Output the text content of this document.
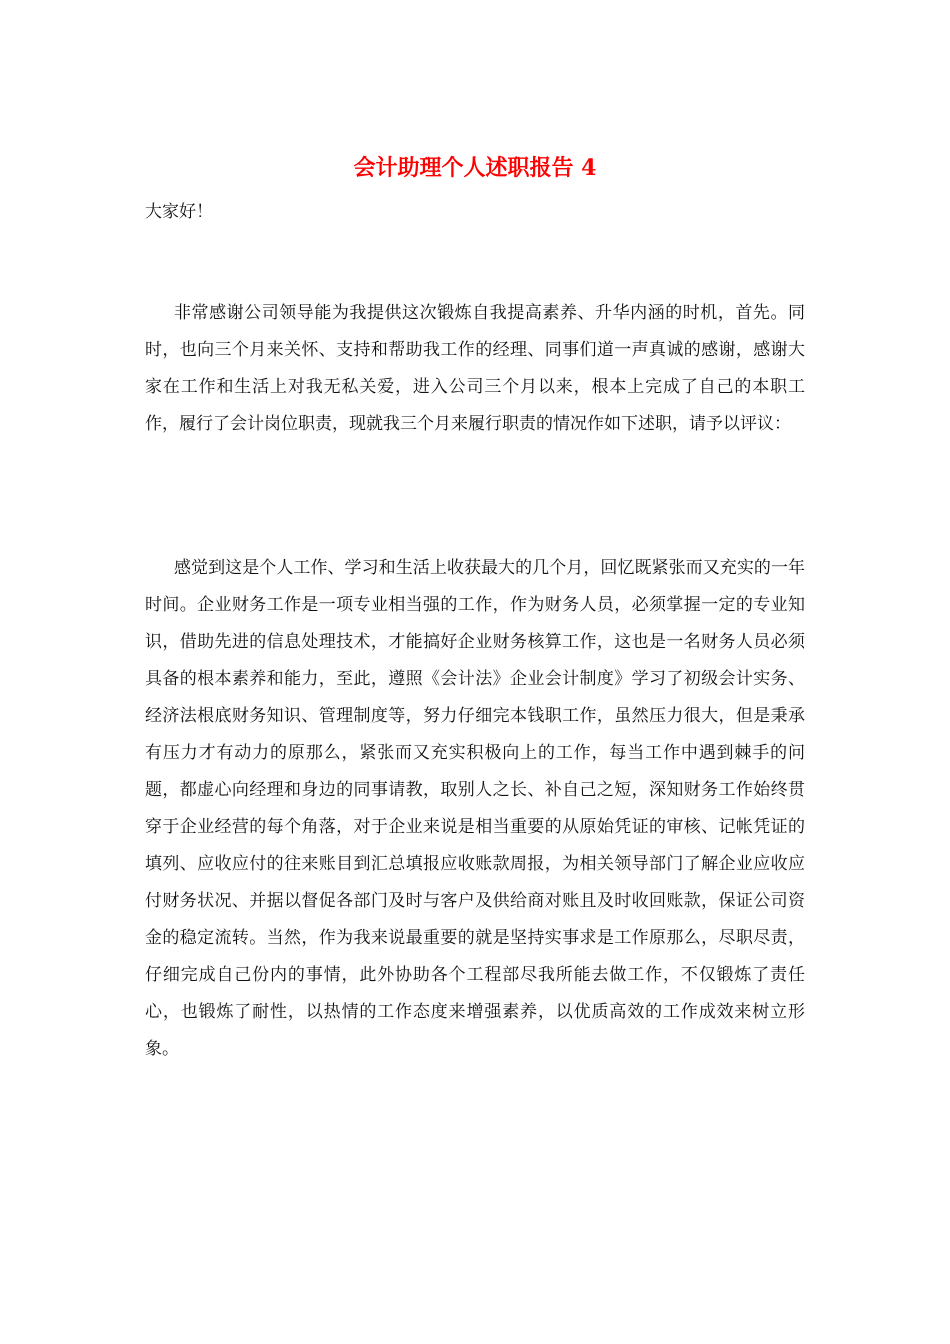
会计助理个人述职报告 4
大家好！

非常感谢公司领导能为我提供这次锻炼自我提高素养、升华内涵的时机，首先。同时，也向三个月来关怀、支持和帮助我工作的经理、同事们道一声真诚的感谢，感谢大家在工作和生活上对我无私关爱，进入公司三个月以来，根本上完成了自己的本职工作，履行了会计岗位职责，现就我三个月来履行职责的情况作如下述职，请予以评议：

感觉到这是个人工作、学习和生活上收获最大的几个月，回忆既紧张而又充实的一年时间。企业财务工作是一项专业相当强的工作，作为财务人员，必须掌握一定的专业知识，借助先进的信息处理技术，才能搞好企业财务核算工作，这也是一名财务人员必须具备的根本素养和能力，至此，遵照《会计法》企业会计制度》学习了初级会计实务、经济法根底财务知识、管理制度等，努力仔细完本钱职工作，虽然压力很大，但是秉承有压力才有动力的原那么，紧张而又充实积极向上的工作，每当工作中遇到棘手的问题，都虚心向经理和身边的同事请教，取别人之长、补自己之短，深知财务工作始终贯穿于企业经营的每个角落，对于企业来说是相当重要的从原始凭证的审核、记帐凭证的填列、应收应付的往来账目到汇总填报应收账款周报，为相关领导部门了解企业应收应付财务状况、并据以督促各部门及时与客户及供给商对账且及时收回账款，保证公司资金的稳定流转。当然，作为我来说最重要的就是坚持实事求是工作原那么，尽职尽责，仔细完成自己份内的事情，此外协助各个工程部尽我所能去做工作，不仅锻炼了责任心，也锻炼了耐性，以热情的工作态度来增强素养，以优质高效的工作成效来树立形象。
